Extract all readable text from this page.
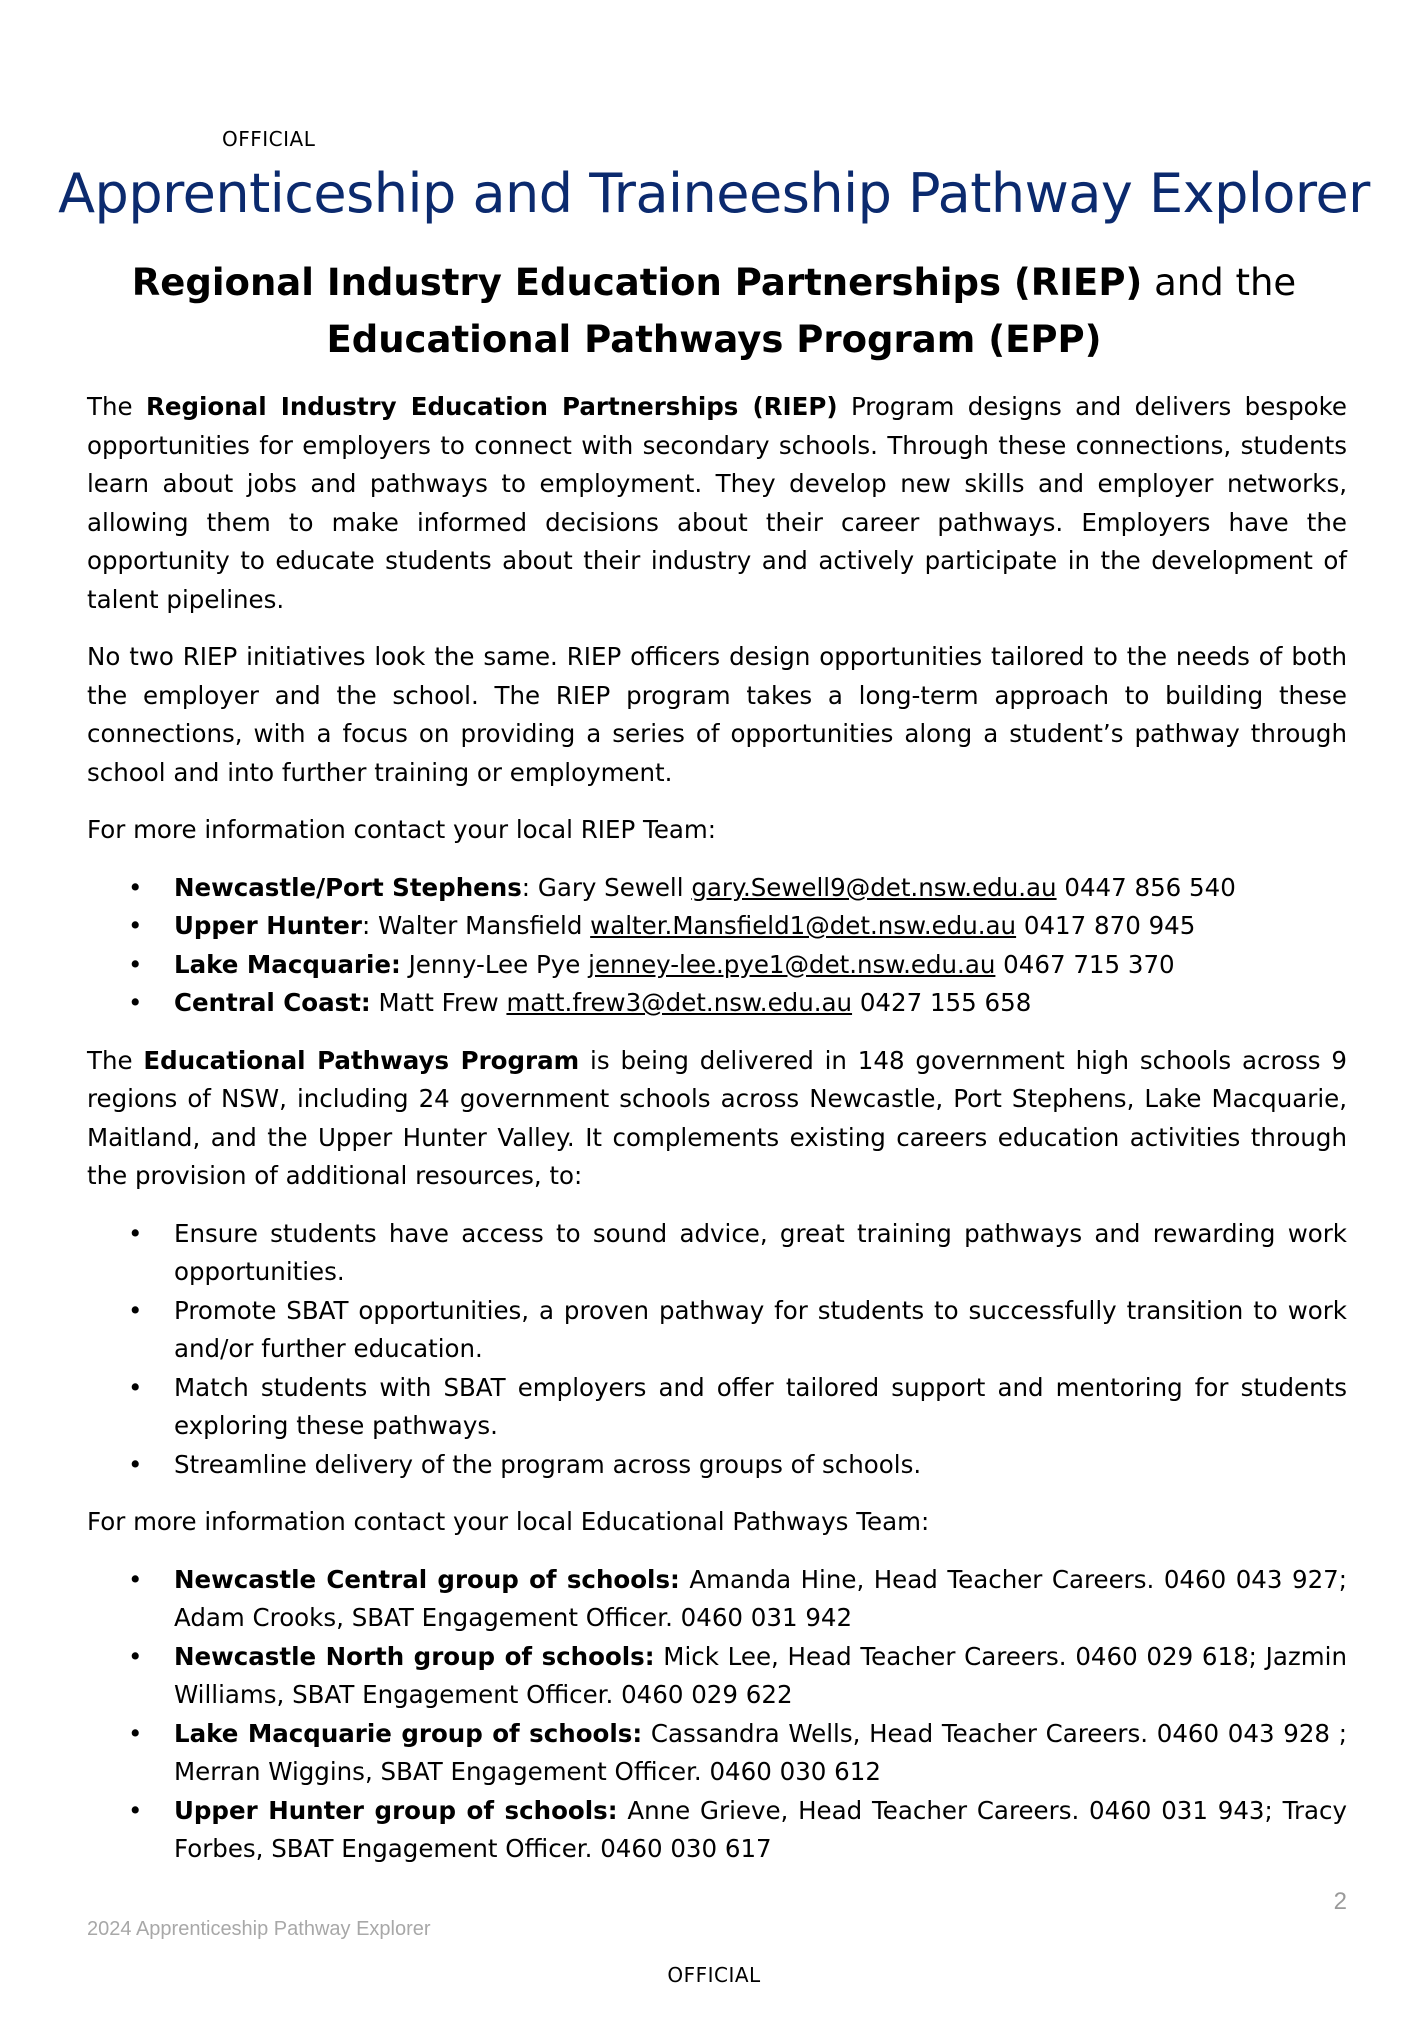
OFFICIAL
Apprenticeship and Traineeship Pathway Explorer
Regional Industry Education Partnerships (RIEP) and the
Educational Pathways Program (EPP)

The Regional Industry Education Partnerships (RIEP) Program designs and delivers bespoke opportunities for employers to connect with secondary schools. Through these connections, students learn about jobs and pathways to employment. They develop new skills and employer networks, allowing them to make informed decisions about their career pathways. Employers have the opportunity to educate students about their industry and actively participate in the development of talent pipelines.

No two RIEP initiatives look the same. RIEP officers design opportunities tailored to the needs of both the employer and the school. The RIEP program takes a long-term approach to building these connections, with a focus on providing a series of opportunities along a student’s pathway through school and into further training or employment.

For more information contact your local RIEP Team:

• Newcastle/Port Stephens: Gary Sewell gary.Sewell9@det.nsw.edu.au 0447 856 540
• Upper Hunter: Walter Mansfield walter.Mansfield1@det.nsw.edu.au 0417 870 945
• Lake Macquarie: Jenny-Lee Pye jenney-lee.pye1@det.nsw.edu.au 0467 715 370
• Central Coast: Matt Frew matt.frew3@det.nsw.edu.au 0427 155 658

The Educational Pathways Program is being delivered in 148 government high schools across 9 regions of NSW, including 24 government schools across Newcastle, Port Stephens, Lake Macquarie, Maitland, and the Upper Hunter Valley. It complements existing careers education activities through the provision of additional resources, to:

• Ensure students have access to sound advice, great training pathways and rewarding work opportunities.
• Promote SBAT opportunities, a proven pathway for students to successfully transition to work and/or further education.
• Match students with SBAT employers and offer tailored support and mentoring for students exploring these pathways.
• Streamline delivery of the program across groups of schools.

For more information contact your local Educational Pathways Team:

• Newcastle Central group of schools: Amanda Hine, Head Teacher Careers. 0460 043 927; Adam Crooks, SBAT Engagement Officer. 0460 031 942
• Newcastle North group of schools: Mick Lee, Head Teacher Careers. 0460 029 618; Jazmin Williams, SBAT Engagement Officer. 0460 029 622
• Lake Macquarie group of schools: Cassandra Wells, Head Teacher Careers. 0460 043 928 ; Merran Wiggins, SBAT Engagement Officer. 0460 030 612
• Upper Hunter group of schools: Anne Grieve, Head Teacher Careers. 0460 031 943; Tracy Forbes, SBAT Engagement Officer. 0460 030 617
2
2024 Apprenticeship Pathway Explorer
OFFICIAL
